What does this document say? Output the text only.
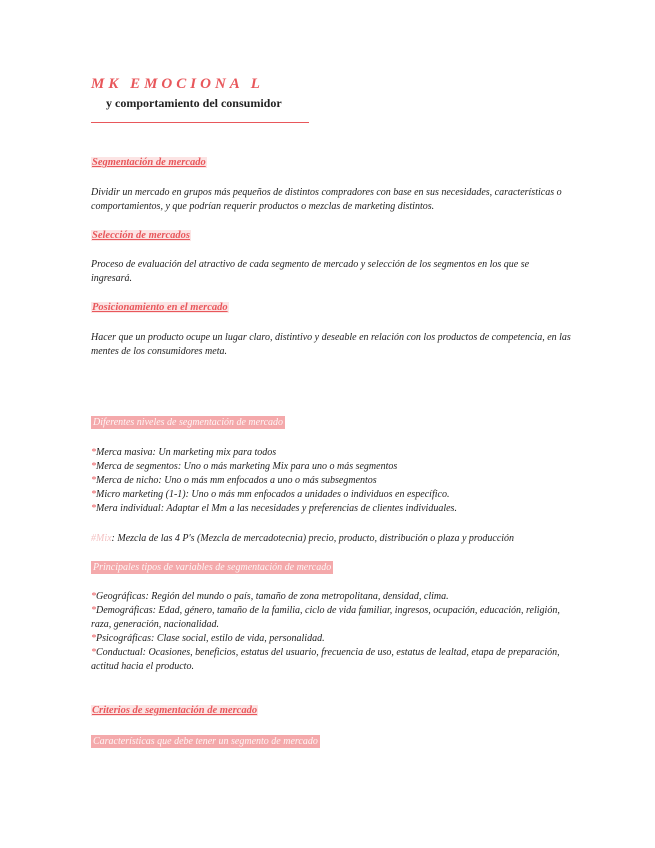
MK EMOCIONA L
y comportamiento del consumidor
Segmentación de mercado
Dividir un mercado en grupos más pequeños de distintos compradores con base en sus necesidades, características o comportamientos, y que podrían requerir productos o mezclas de marketing distintos.
Selección de mercados
Proceso de evaluación del atractivo de cada segmento de mercado y selección de los segmentos en los que se ingresará.
Posicionamiento en el mercado
Hacer que un producto ocupe un lugar claro, distintivo y deseable en relación con los productos de competencia, en las mentes de los consumidores meta.
Diferentes niveles de segmentación de mercado
*Merca masiva: Un marketing mix para todos
*Merca de segmentos: Uno o más marketing Mix para uno o más segmentos
*Merca de nicho: Uno o más mm enfocados a uno o más subsegmentos
*Micro marketing (1-1): Uno o más mm enfocados a unidades o individuos en específico.
*Mera individual: Adaptar el Mm a las necesidades y preferencias de clientes individuales.
#Mix: Mezcla de las 4 P's (Mezcla de mercadotecnia) precio, producto, distribución o plaza y producción
Principales tipos de variables de segmentación de mercado
*Geográficas: Región del mundo o país, tamaño de zona metropolitana, densidad, clima.
*Demográficas: Edad, género, tamaño de la familia, ciclo de vida familiar, ingresos, ocupación, educación, religión, raza, generación, nacionalidad.
*Psicográficas: Clase social, estilo de vida, personalidad.
*Conductual: Ocasiones, beneficios, estatus del usuario, frecuencia de uso, estatus de lealtad, etapa de preparación, actitud hacia el producto.
Criterios de segmentación de mercado
Características que debe tener un segmento de mercado
